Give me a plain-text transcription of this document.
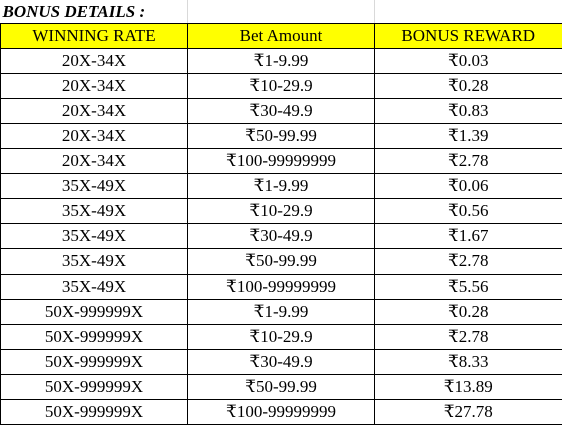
BONUS DETAILS :		
WINNING RATE	Bet Amount	BONUS REWARD
20X-34X	₹1-9.99	₹0.03
20X-34X	₹10-29.9	₹0.28
20X-34X	₹30-49.9	₹0.83
20X-34X	₹50-99.99	₹1.39
20X-34X	₹100-99999999	₹2.78
35X-49X	₹1-9.99	₹0.06
35X-49X	₹10-29.9	₹0.56
35X-49X	₹30-49.9	₹1.67
35X-49X	₹50-99.99	₹2.78
35X-49X	₹100-99999999	₹5.56
50X-999999X	₹1-9.99	₹0.28
50X-999999X	₹10-29.9	₹2.78
50X-999999X	₹30-49.9	₹8.33
50X-999999X	₹50-99.99	₹13.89
50X-999999X	₹100-99999999	₹27.78
